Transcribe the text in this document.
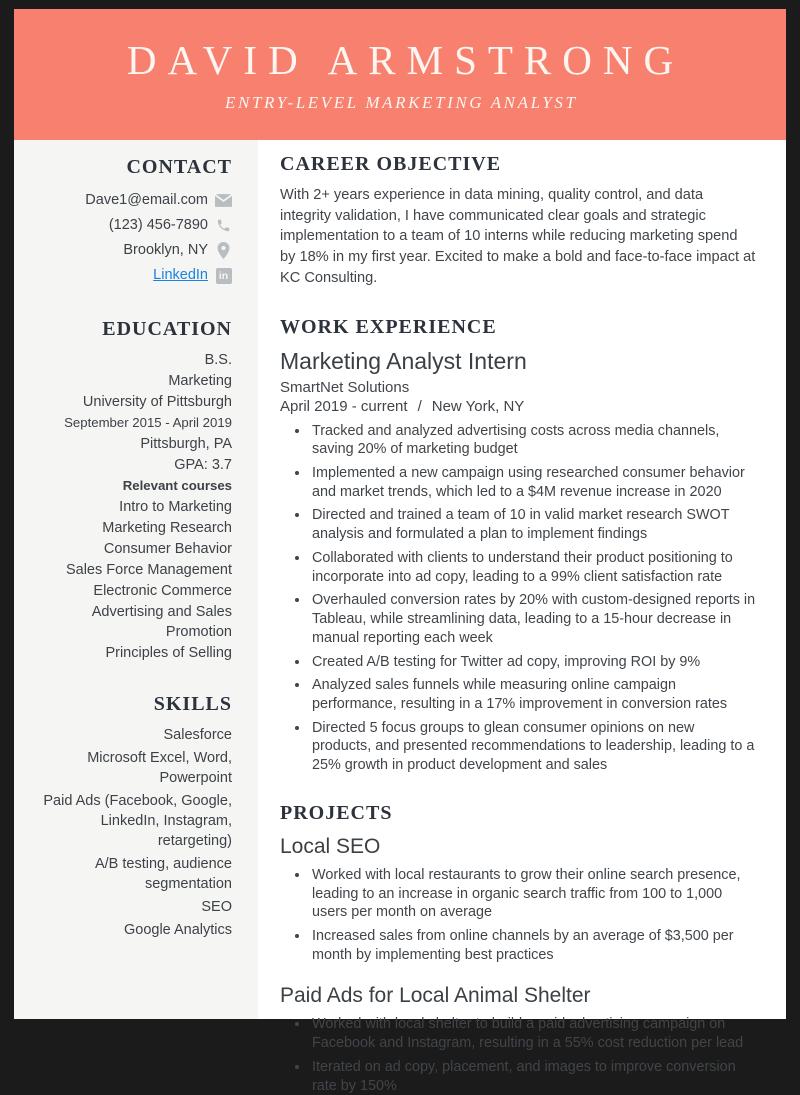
DAVID ARMSTRONG
ENTRY-LEVEL MARKETING ANALYST
CONTACT
Dave1@email.com
(123) 456-7890
Brooklyn, NY
LinkedIn	in
EDUCATION
B.S.
Marketing
University of Pittsburgh
September 2015 - April 2019
Pittsburgh, PA
GPA: 3.7
Relevant courses
Intro to Marketing
Marketing Research
Consumer Behavior
Sales Force Management
Electronic Commerce
Advertising and Sales Promotion
Principles of Selling
SKILLS
Salesforce
Microsoft Excel, Word, Powerpoint
Paid Ads (Facebook, Google, LinkedIn, Instagram, retargeting)
A/B testing, audience segmentation
SEO
Google Analytics
CAREER OBJECTIVE

With 2+ years experience in data mining, quality control, and data integrity validation, I have communicated clear goals and strategic implementation to a team of 10 interns while reducing marketing spend by 18% in my first year. Excited to make a bold and face-to-face impact at KC Consulting.

WORK EXPERIENCE
Marketing Analyst Intern
SmartNet Solutions
April 2019 - current / New York, NY
• Tracked and analyzed advertising costs across media channels, saving 20% of marketing budget
• Implemented a new campaign using researched consumer behavior and market trends, which led to a $4M revenue increase in 2020
• Directed and trained a team of 10 in valid market research SWOT analysis and formulated a plan to implement findings
• Collaborated with clients to understand their product positioning to incorporate into ad copy, leading to a 99% client satisfaction rate
• Overhauled conversion rates by 20% with custom-designed reports in Tableau, while streamlining data, leading to a 15-hour decrease in manual reporting each week
• Created A/B testing for Twitter ad copy, improving ROI by 9%
• Analyzed sales funnels while measuring online campaign performance, resulting in a 17% improvement in conversion rates
• Directed 5 focus groups to glean consumer opinions on new products, and presented recommendations to leadership, leading to a 25% growth in product development and sales
PROJECTS
Local SEO
• Worked with local restaurants to grow their online search presence, leading to an increase in organic search traffic from 100 to 1,000 users per month on average
• Increased sales from online channels by an average of $3,500 per month by implementing best practices
Paid Ads for Local Animal Shelter
• Worked with local shelter to build a paid advertising campaign on Facebook and Instagram, resulting in a 55% cost reduction per lead
• Iterated on ad copy, placement, and images to improve conversion rate by 150%
